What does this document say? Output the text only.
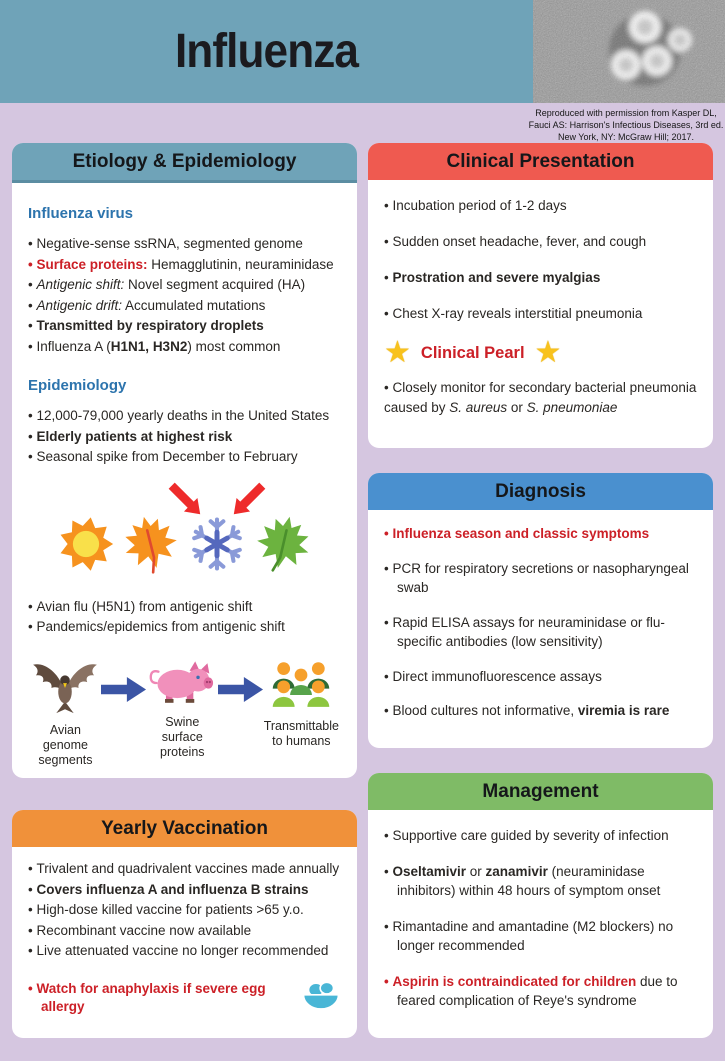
Influenza
Reproduced with permission from Kasper DL,
Fauci AS: Harrison's Infectious Diseases, 3rd ed.
New York, NY: McGraw Hill; 2017.
Etiology & Epidemiology
Influenza virus
• Negative-sense ssRNA, segmented genome
• Surface proteins: Hemagglutinin, neuraminidase
• Antigenic shift: Novel segment acquired (HA)
• Antigenic drift: Accumulated mutations
• Transmitted by respiratory droplets
• Influenza A (H1N1, H3N2) most common
Epidemiology
• 12,000-79,000 yearly deaths in the United States
• Elderly patients at highest risk
• Seasonal spike from December to February
• Avian flu (H5N1) from antigenic shift
• Pandemics/epidemics from antigenic shift
Avian genome segments
Swine surface proteins
Transmittable to humans
Yearly Vaccination
• Trivalent and quadrivalent vaccines made annually
• Covers influenza A and influenza B strains
• High-dose killed vaccine for patients >65 y.o.
• Recombinant vaccine now available
• Live attenuated vaccine no longer recommended
• Watch for anaphylaxis if severe egg allergy
Clinical Presentation
• Incubation period of 1-2 days
• Sudden onset headache, fever, and cough
• Prostration and severe myalgias
• Chest X-ray reveals interstitial pneumonia
★ Clinical Pearl ★
• Closely monitor for secondary bacterial pneumonia caused by S. aureus or S. pneumoniae
Diagnosis
• Influenza season and classic symptoms
• PCR for respiratory secretions or nasopharyngeal swab
• Rapid ELISA assays for neuraminidase or flu-specific antibodies (low sensitivity)
• Direct immunofluorescence assays
• Blood cultures not informative, viremia is rare
Management
• Supportive care guided by severity of infection
• Oseltamivir or zanamivir (neuraminidase inhibitors) within 48 hours of symptom onset
• Rimantadine and amantadine (M2 blockers) no longer recommended
• Aspirin is contraindicated for children due to feared complication of Reye's syndrome
